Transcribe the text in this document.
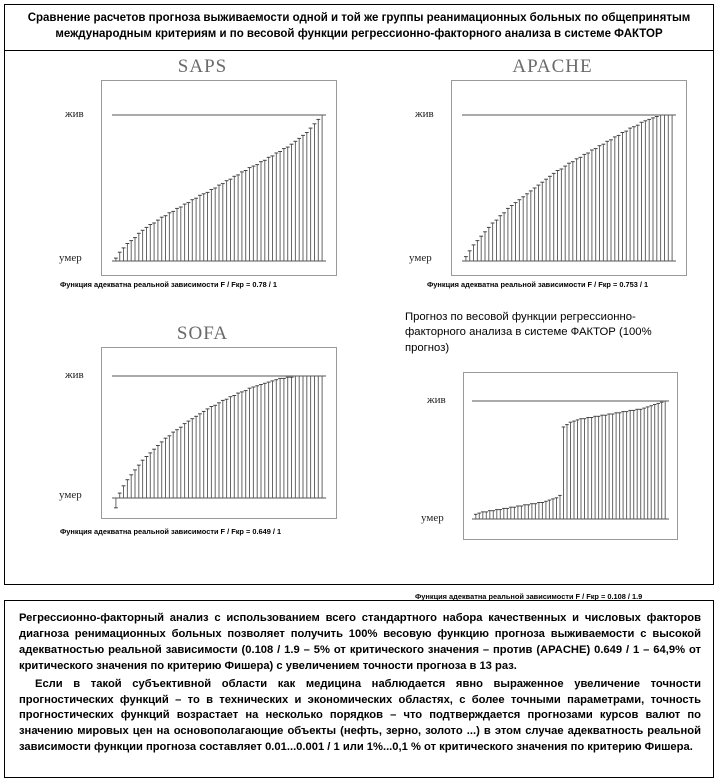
Сравнение расчетов прогноза выживаемости одной и той же группы реанимационных больных по общепринятым международным критериям и по весовой функции регрессионно-факторного анализа в системе ФАКТОР
SAPS
жив
умер
Функция адекватна реальной зависимости F / Fкр = 0.78 / 1
APACHE
жив
умер
Функция адекватна реальной зависимости F / Fкр = 0.753 / 1
SOFA
жив
умер
Функция адекватна реальной зависимости F / Fкр = 0.649 / 1
Прогноз по весовой функции регрессионно-факторного анализа в системе ФАКТОР (100% прогноз)
жив
умер
Функция адекватна реальной зависимости F / Fкр = 0.108 / 1.9

Регрессионно-факторный анализ с использованием всего стандартного набора качественных и числовых факторов диагноза ренимационных больных позволяет получить 100% весовую функцию прогноза выживаемости с высокой адекватностью реальной зависимости (0.108 / 1.9 – 5% от критического значения – против (APACHE) 0.649 / 1 – 64,9% от критического значения по критерию Фишера) с увеличением точности прогноза в 13 раз.

Если в такой субъективной области как медицина наблюдается явно выраженное увеличение точности прогностических функций – то в технических и экономических областях, с более точными параметрами, точность прогностических функций возрастает на несколько порядков – что подтверждается прогнозами курсов валют по значению мировых цен на основополагающие объекты (нефть, зерно, золото ...) в этом случае адекватность реальной зависимости функции прогноза составляет 0.01...0.001 / 1 или 1%...0,1 % от критического значения по критерию Фишера.
